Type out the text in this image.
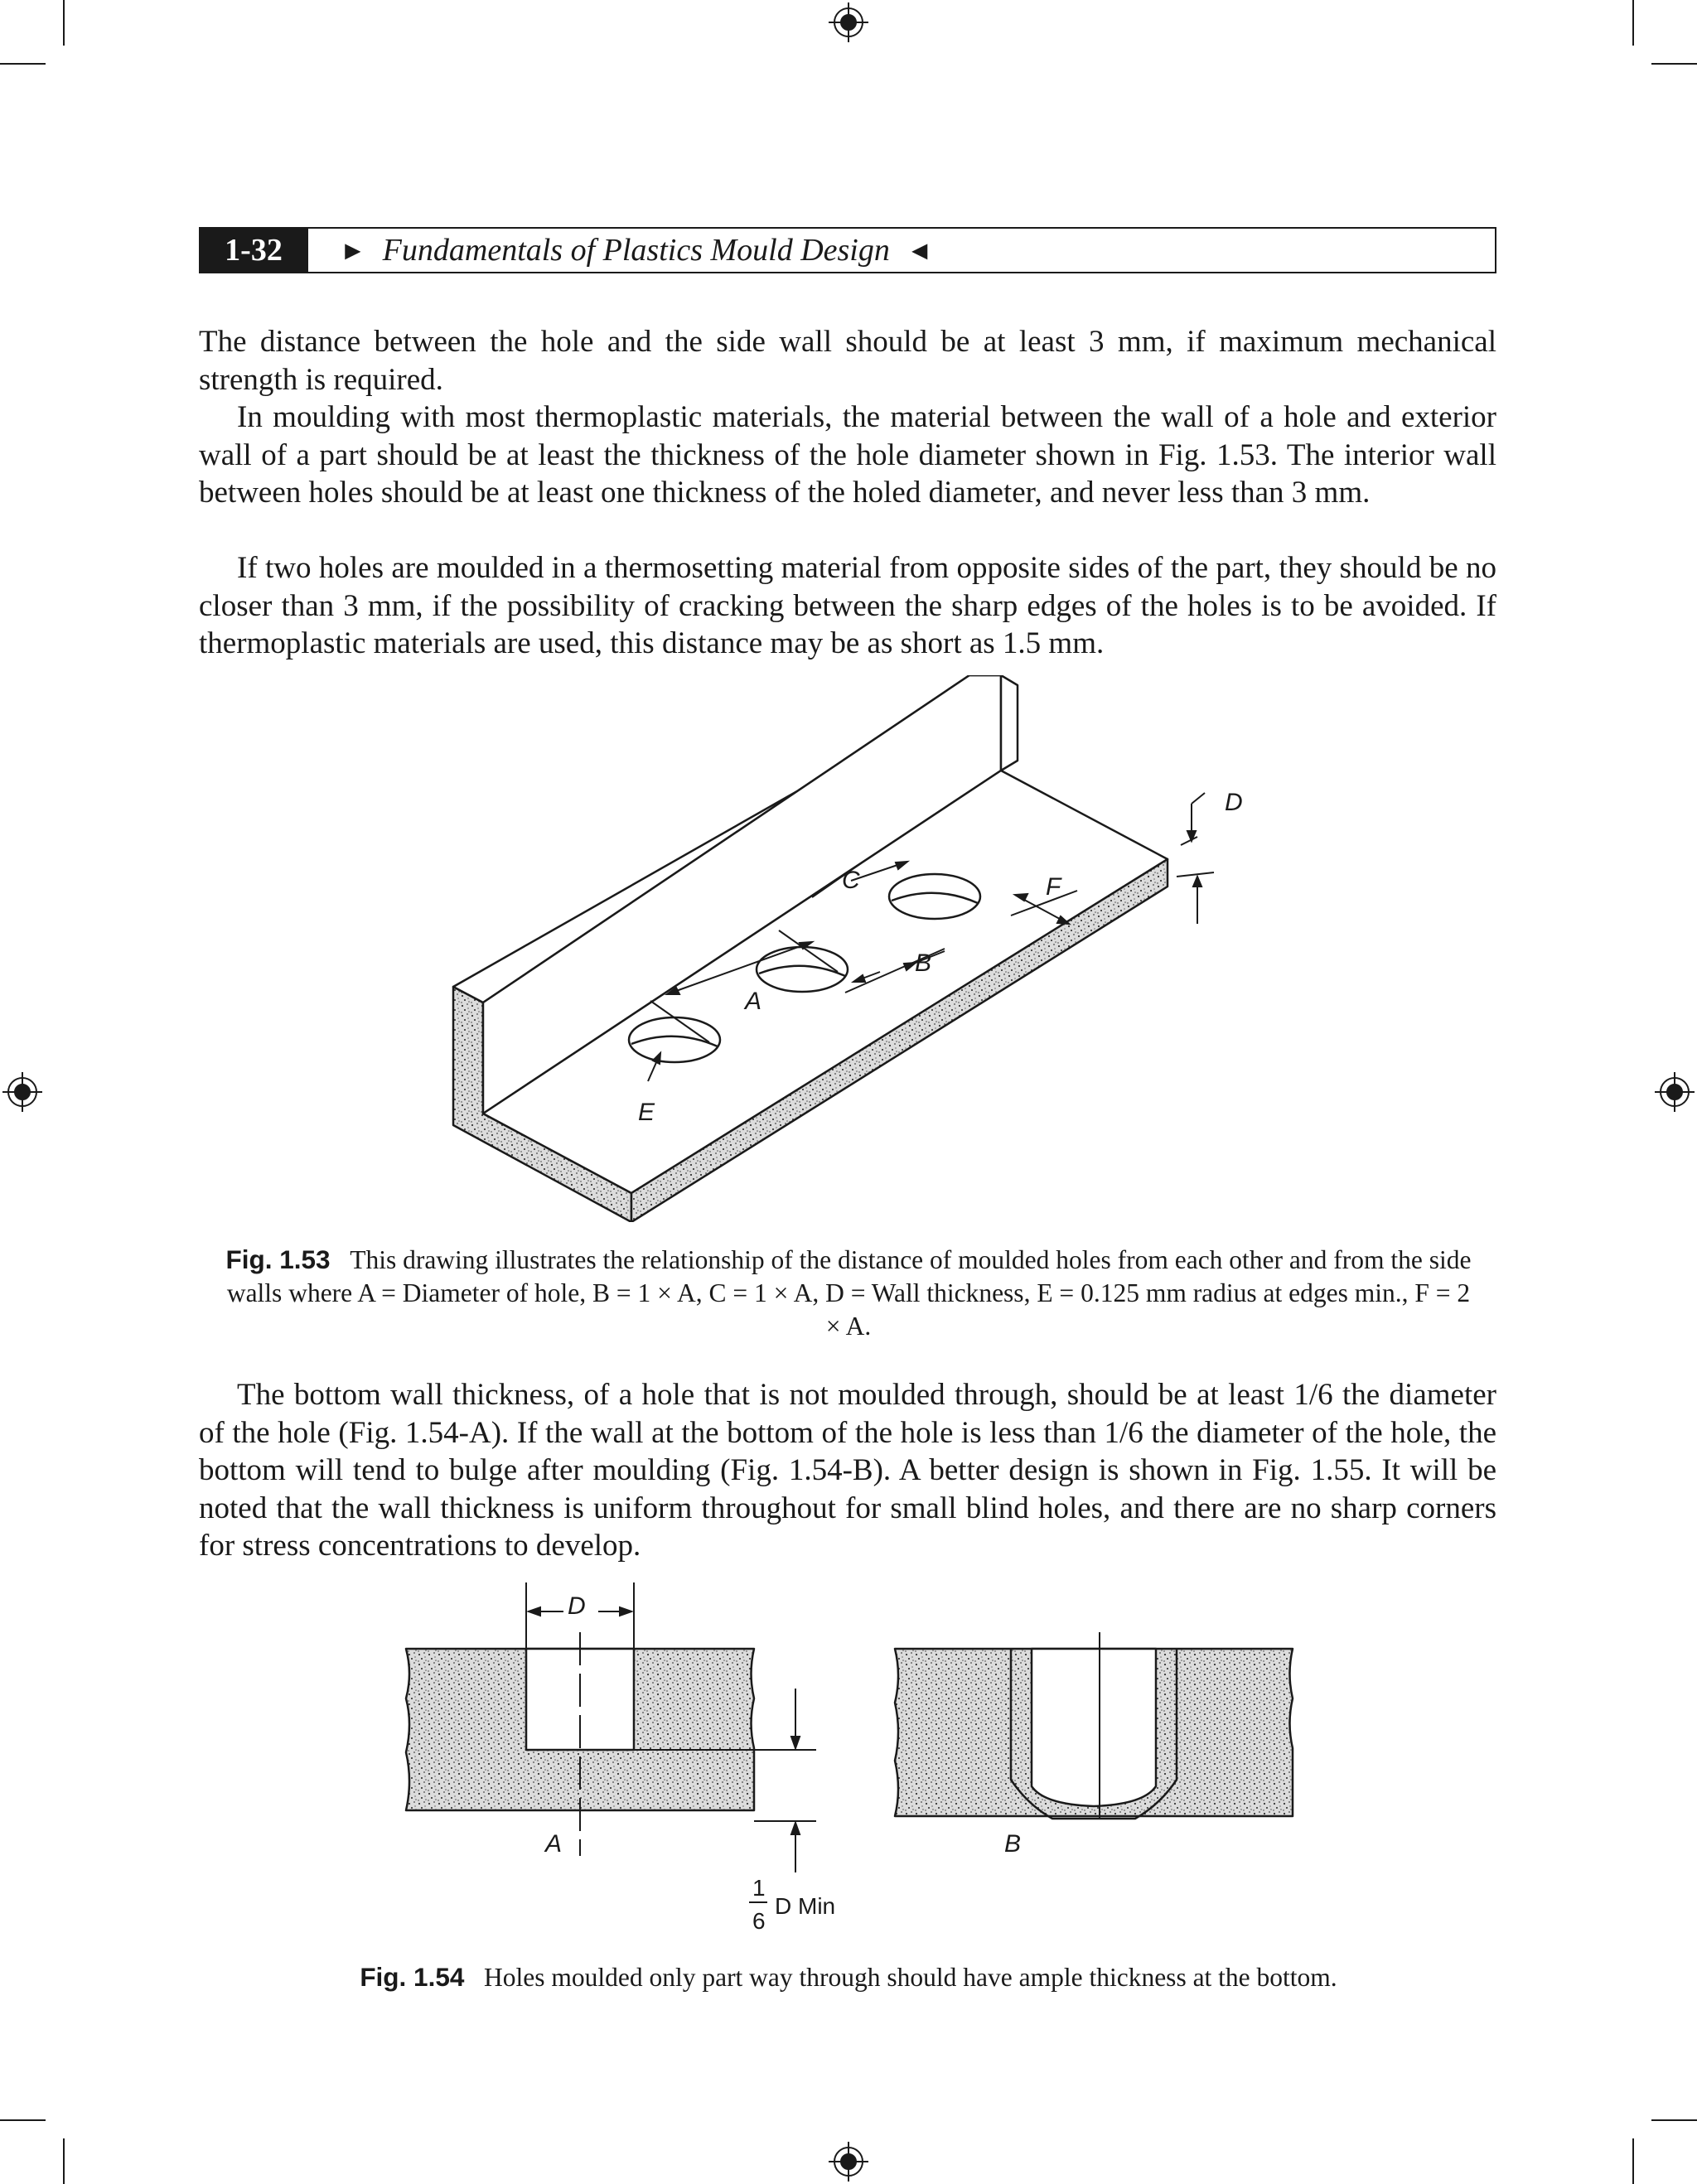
1-32	► Fundamentals of Plastics Mould Design ◄

The distance between the hole and the side wall should be at least 3 mm, if maximum mechanical strength is required.

In moulding with most thermoplastic materials, the material between the wall of a hole and exterior wall of a part should be at least the thickness of the hole diameter shown in Fig. 1.53. The interior wall between holes should be at least one thickness of the holed diameter, and never less than 3 mm.

If two holes are moulded in a thermosetting material from opposite sides of the part, they should be no closer than 3 mm, if the possibility of cracking between the sharp edges of the holes is to be avoided. If thermoplastic materials are used, this distance may be as short as 1.5 mm.

A
B
C
D
E
F

Fig. 1.53 This drawing illustrates the relationship of the distance of moulded holes from each other and from the side walls where A = Diameter of hole, B = 1 × A, C = 1 × A, D = Wall thickness, E = 0.125 mm radius at edges min., F = 2 × A.

The bottom wall thickness, of a hole that is not moulded through, should be at least 1/6 the diameter of the hole (Fig. 1.54-A). If the wall at the bottom of the hole is less than 1/6 the diameter of the hole, the bottom will tend to bulge after moulding (Fig. 1.54-B). A better design is shown in Fig. 1.55. It will be noted that the wall thickness is uniform throughout for small blind holes, and there are no sharp corners for stress concentrations to develop.

D
A
1
6
D Min
B

Fig. 1.54 Holes moulded only part way through should have ample thickness at the bottom.
